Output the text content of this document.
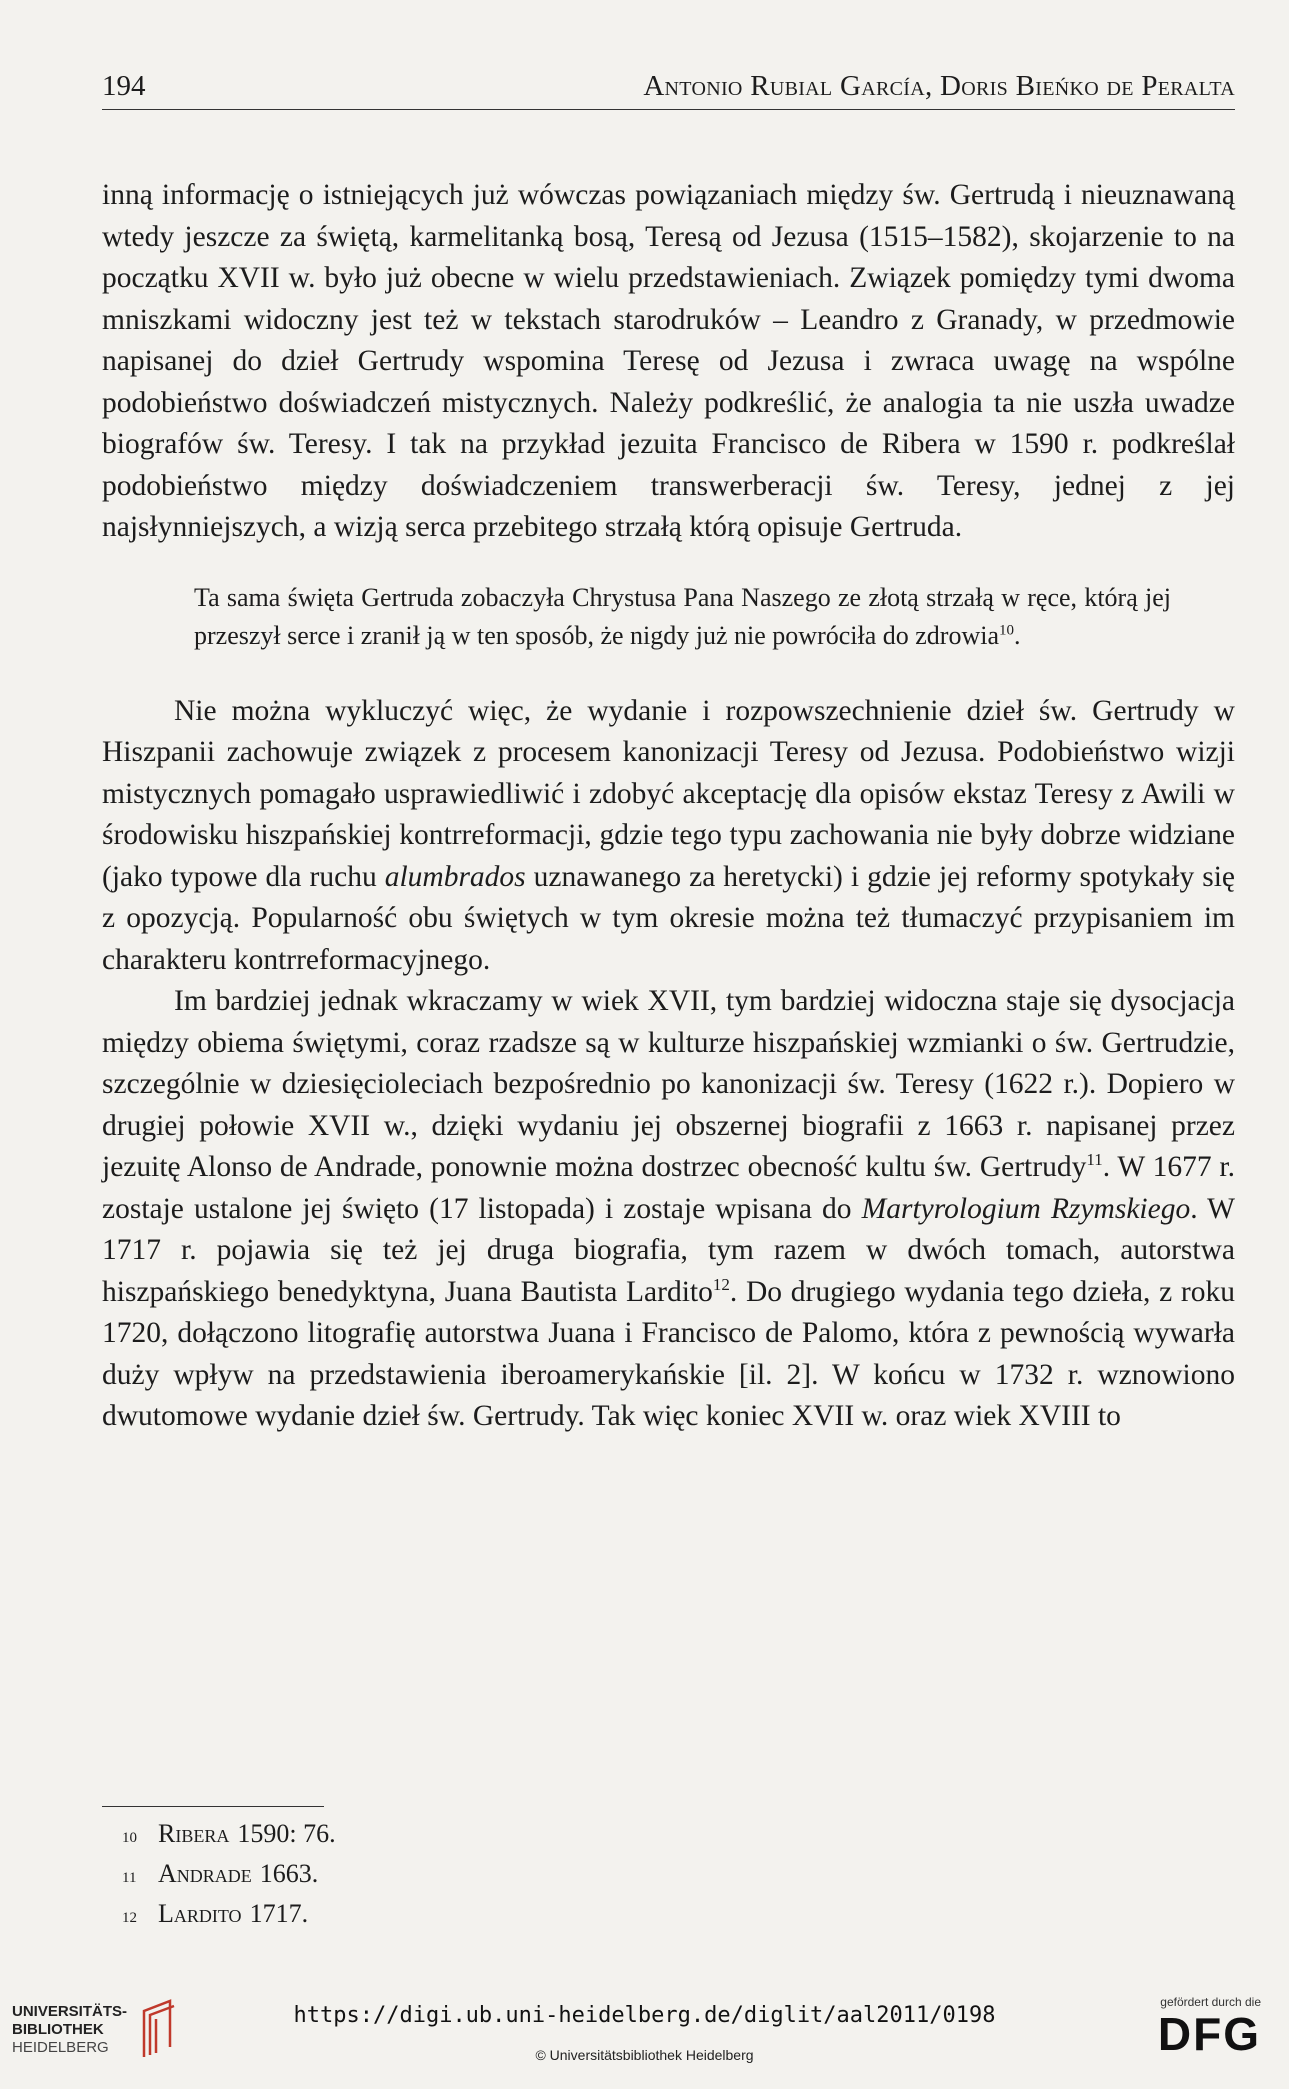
194	Antonio Rubial García, Doris Bieńko de Peralta

inną informację o istniejących już wówczas powiązaniach między św. Gertrudą i nieuznawaną wtedy jeszcze za świętą, karmelitanką bosą, Teresą od Jezusa (1515–1582), skojarzenie to na początku XVII w. było już obecne w wielu przedstawieniach. Związek pomiędzy tymi dwoma mniszkami widoczny jest też w tekstach starodruków – Leandro z Granady, w przedmowie napisanej do dzieł Gertrudy wspomina Teresę od Jezusa i zwraca uwagę na wspólne podobieństwo doświadczeń mistycznych. Należy podkreślić, że analogia ta nie uszła uwadze biografów św. Teresy. I tak na przykład jezuita Francisco de Ribera w 1590 r. podkreślał podobieństwo między doświadczeniem transwerberacji św. Teresy, jednej z jej najsłynniejszych, a wizją serca przebitego strzałą którą opisuje Gertruda.

Ta sama święta Gertruda zobaczyła Chrystusa Pana Naszego ze złotą strzałą w ręce, którą jej przeszył serce i zranił ją w ten sposób, że nigdy już nie powróciła do zdrowia$^{10}$.

Nie można wykluczyć więc, że wydanie i rozpowszechnienie dzieł św. Gertrudy w Hiszpanii zachowuje związek z procesem kanonizacji Teresy od Jezusa. Podobieństwo wizji mistycznych pomagało usprawiedliwić i zdobyć akceptację dla opisów ekstaz Teresy z Awili w środowisku hiszpańskiej kontrreformacji, gdzie tego typu zachowania nie były dobrze widziane (jako typowe dla ruchu alumbrados uznawanego za heretycki) i gdzie jej reformy spotykały się z opozycją. Popularność obu świętych w tym okresie można też tłumaczyć przypisaniem im charakteru kontrreformacyjnego.

Im bardziej jednak wkraczamy w wiek XVII, tym bardziej widoczna staje się dysocjacja między obiema świętymi, coraz rzadsze są w kulturze hiszpańskiej wzmianki o św. Gertrudzie, szczególnie w dziesięcioleciach bezpośrednio po kanonizacji św. Teresy (1622 r.). Dopiero w drugiej połowie XVII w., dzięki wydaniu jej obszernej biografii z 1663 r. napisanej przez jezuitę Alonso de Andrade, ponownie można dostrzec obecność kultu św. Gertrudy$^{11}$. W 1677 r. zostaje ustalone jej święto (17 listopada) i zostaje wpisana do Martyrologium Rzymskiego. W 1717 r. pojawia się też jej druga biografia, tym razem w dwóch tomach, autorstwa hiszpańskiego benedyktyna, Juana Bautista Lardito$^{12}$. Do drugiego wydania tego dzieła, z roku 1720, dołączono litografię autorstwa Juana i Francisco de Palomo, która z pewnością wywarła duży wpływ na przedstawienia iberoamerykańskie [il. 2]. W końcu w 1732 r. wznowiono dwutomowe wydanie dzieł św. Gertrudy. Tak więc koniec XVII w. oraz wiek XVIII to

10 Ribera 1590: 76.
11 Andrade 1663.
12 Lardito 1717.
UNIVERSITÄTS-
BIBLIOTHEK
HEIDELBERG
https://digi.ub.uni-heidelberg.de/diglit/aal2011/0198
© Universitätsbibliothek Heidelberg
gefördert durch die
DFG
